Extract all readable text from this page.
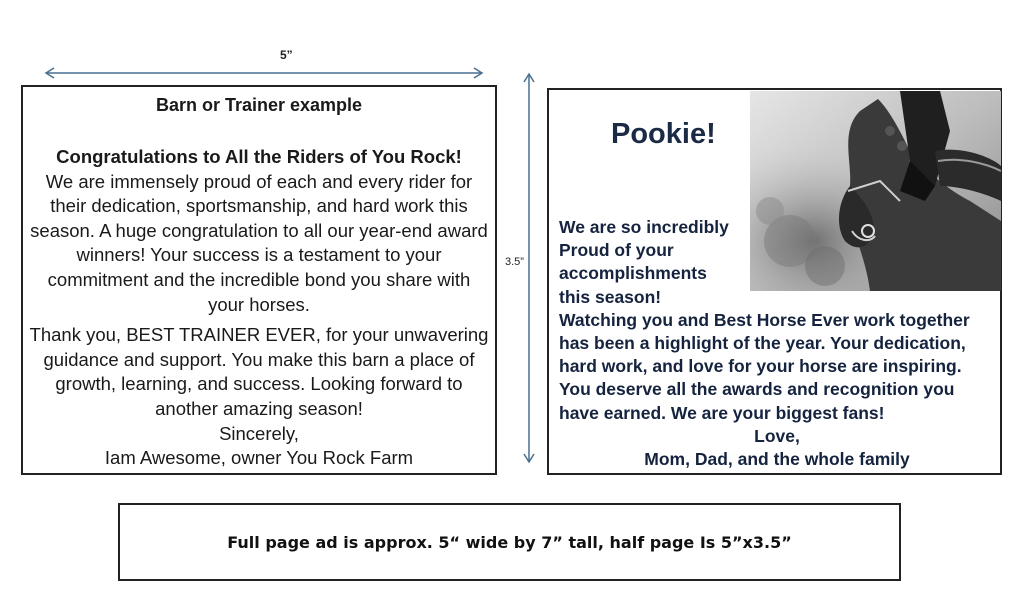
5”
3.5”
Barn or Trainer example

Congratulations to All the Riders of You Rock!

We are immensely proud of each and every rider for their dedication, sportsmanship, and hard work this season. A huge congratulation to all our year-end award winners! Your success is a testament to your commitment and the incredible bond you share with your horses.

Thank you, BEST TRAINER EVER, for your unwavering guidance and support. You make this barn a place of growth, learning, and success. Looking forward to another amazing season!

Sincerely,

Iam Awesome, owner You Rock Farm

Pookie!

We are so incredibly

Proud of your

accomplishments

this season!

Watching you and Best Horse Ever work together has been a highlight of the year. Your dedication, hard work, and love for your horse are inspiring. You deserve all the awards and recognition you have earned. We are your biggest fans!

Love,

Mom, Dad, and the whole family

Full page ad is approx. 5“ wide by 7” tall, half page Is 5”x3.5”
